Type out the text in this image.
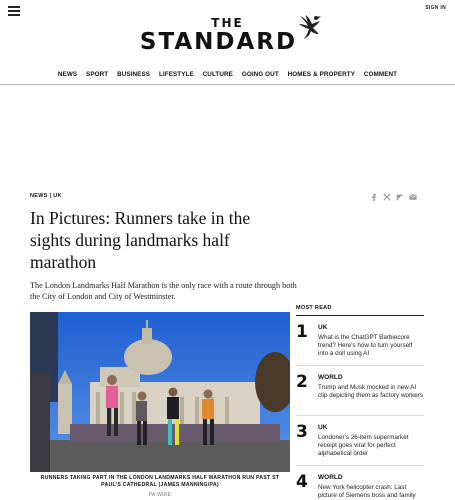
SIGN IN
THE
STANDARD
NEWS SPORT BUSINESS LIFESTYLE CULTURE GOING OUT HOMES & PROPERTY COMMENT
NEWS | UK
In Pictures: Runners take in the sights during landmarks half marathon

The London Landmarks Half Marathon is the only race with a route through both the City of London and City of Westminster.

RUNNERS TAKING PART IN THE LONDON LANDMARKS HALF MARATHON RUN PAST ST PAUL'S CATHEDRAL (JAMES MANNING/PA)
PA WIRE
MOST READ
1	UK
What is the ChatGPT Barbiecore trend? Here's how to turn yourself into a doll using AI
2	WORLD
Trump and Musk mocked in new AI clip depicting them as factory workers
3	UK
Londoner's 26-item supermarket receipt goes viral for perfect alphabetical order
4	WORLD
New York helicopter crash: Last picture of Siemens boss and family
